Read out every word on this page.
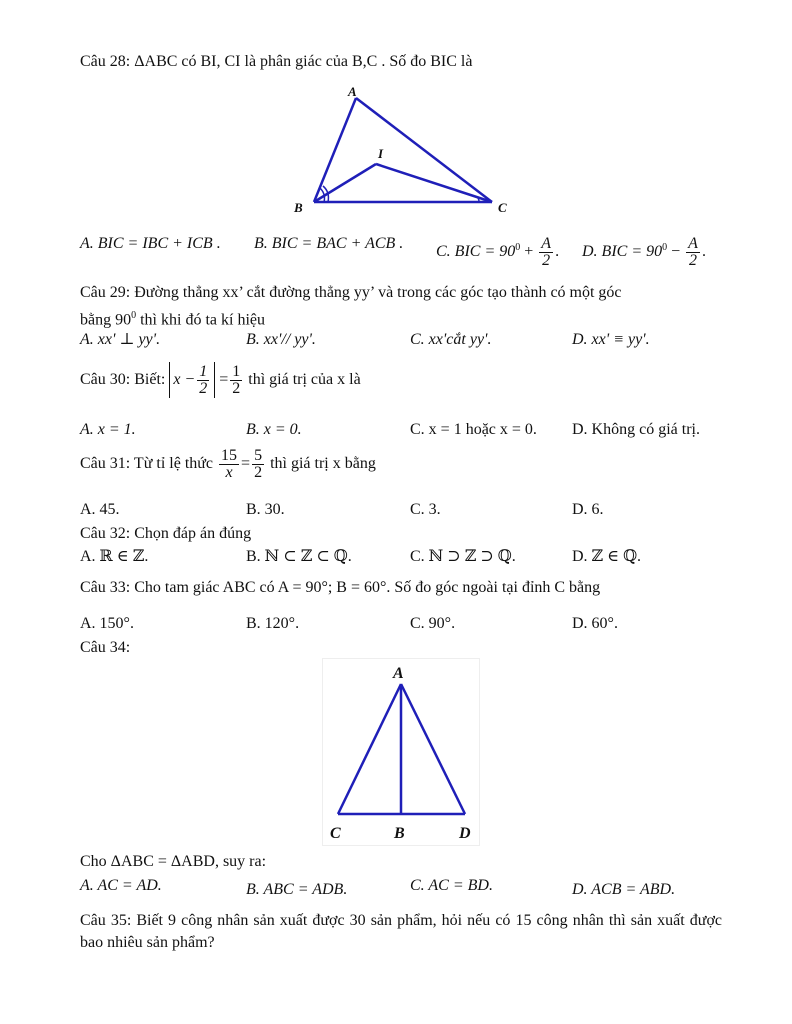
Câu 28: ΔABC có BI, CI là phân giác của B,C . Số đo BIC là
A
I
B	C
A. BIC = IBC + ICB . B. BIC = BAC + ACB . C. BIC = $90^0 + \frac{A}{2}$ . D. BIC = $90^0 - \frac{A}{2}$ .
Câu 29: Đường thẳng xx’ cắt đường thẳng yy’ và trong các góc tạo thành có một góc
bằng $90^0$ thì khi đó ta kí hiệu
A. xx' ⊥ yy'.	B. xx'// yy'.	C. xx'cắt yy'.	D. xx' ≡ yy'.
Câu 30: Biết: $x - \frac{1}{2} = \frac{1}{2}$ thì giá trị của x là
A. x = 1.	B. x = 0.	C. x = 1 hoặc x = 0. D. Không có giá trị.
Câu 31: Từ tỉ lệ thức $\frac{15}{x} = \frac{5}{2}$ thì giá trị x bằng
A. 45.	B. 30.	C. 3.	D. 6.
Câu 32: Chọn đáp án đúng
A. ℝ ∈ ℤ.	B. ℕ ⊂ ℤ ⊂ ℚ.	C. ℕ ⊃ ℤ ⊃ ℚ.	D. ℤ ∈ ℚ.
Câu 33: Cho tam giác ABC có A = 90°; B = 60°. Số đo góc ngoài tại đỉnh C bằng
A. 150°.	B. 120°.	C. 90°.	D. 60°.
Câu 34:
A
C	B	D
Cho ΔABC = ΔABD, suy ra:
A. AC = AD.	B. ABC = ADB.	C. AC = BD.	D. ACB = ABD.
Câu 35: Biết 9 công nhân sản xuất được 30 sản phẩm, hỏi nếu có 15 công nhân thì sản xuất được bao nhiêu sản phẩm?
